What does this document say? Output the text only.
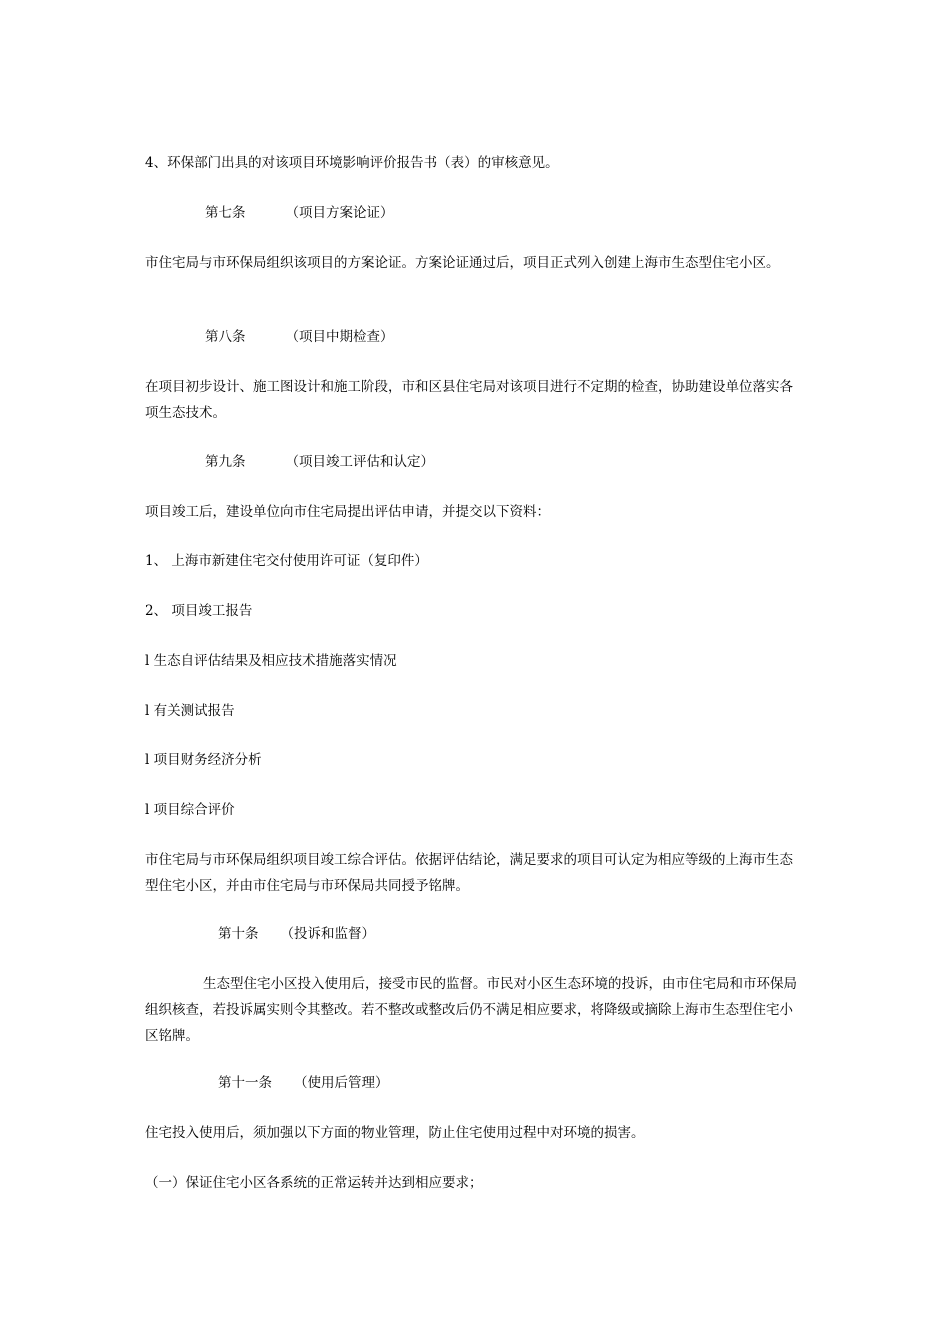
4、环保部门出具的对该项目环境影响评价报告书（表）的审核意见。

第七条	（项目方案论证）

市住宅局与市环保局组织该项目的方案论证。方案论证通过后，项目正式列入创建上海市生态型住宅小区。

第八条	（项目中期检查）

在项目初步设计、施工图设计和施工阶段，市和区县住宅局对该项目进行不定期的检查，协助建设单位落实各项生态技术。

第九条	（项目竣工评估和认定）

项目竣工后，建设单位向市住宅局提出评估申请，并提交以下资料：

1、 上海市新建住宅交付使用许可证（复印件）

2、 项目竣工报告

l 生态自评估结果及相应技术措施落实情况

l 有关测试报告

l 项目财务经济分析

l 项目综合评价

市住宅局与市环保局组织项目竣工综合评估。依据评估结论，满足要求的项目可认定为相应等级的上海市生态型住宅小区，并由市住宅局与市环保局共同授予铭牌。

第十条 （投诉和监督）

生态型住宅小区投入使用后，接受市民的监督。市民对小区生态环境的投诉，由市住宅局和市环保局组织核查，若投诉属实则令其整改。若不整改或整改后仍不满足相应要求，将降级或摘除上海市生态型住宅小区铭牌。

第十一条 （使用后管理）

住宅投入使用后，须加强以下方面的物业管理，防止住宅使用过程中对环境的损害。

（一）保证住宅小区各系统的正常运转并达到相应要求；
